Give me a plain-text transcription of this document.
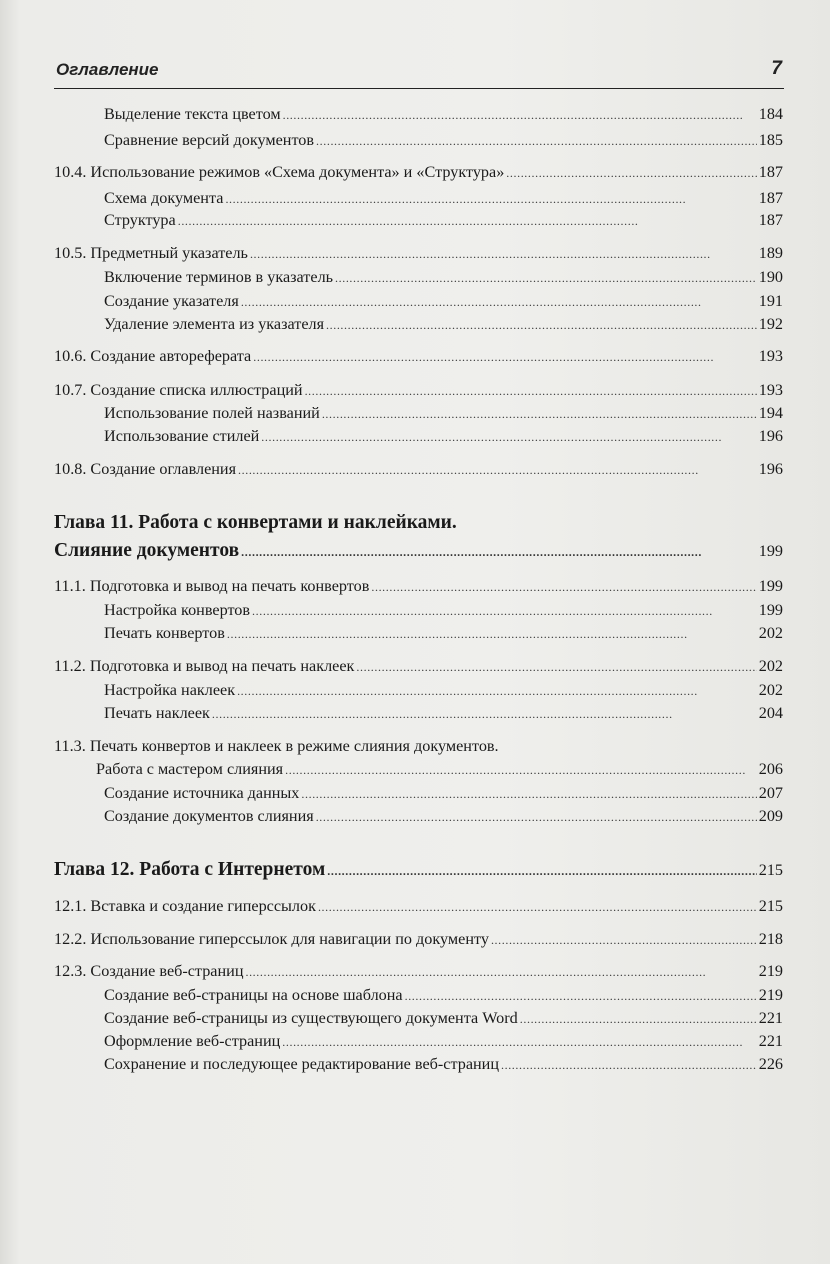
Оглавление	7
Выделение текста цветом . . .	184
Сравнение версий документов . . .	185
10.4. Использование режимов «Схема документа» и «Структура» . . .	187
Схема документа . . .	187
Структура . . .	187
10.5. Предметный указатель . . .	189
Включение терминов в указатель . . .	190
Создание указателя . . .	191
Удаление элемента из указателя . . .	192
10.6. Создание автореферата . . .	193
10.7. Создание списка иллюстраций . . .	193
Использование полей названий . . .	194
Использование стилей . . .	196
10.8. Создание оглавления . . .	196
Глава 11. Работа с конвертами и наклейками.
Слияние документов . . .	199
11.1. Подготовка и вывод на печать конвертов . . .	199
Настройка конвертов . . .	199
Печать конвертов . . .	202
11.2. Подготовка и вывод на печать наклеек . . .	202
Настройка наклеек . . .	202
Печать наклеек . . .	204
11.3. Печать конвертов и наклеек в режиме слияния документов.
Работа с мастером слияния . . .	206
Создание источника данных . . .	207
Создание документов слияния . . .	209
Глава 12. Работа с Интернетом . . .	215
12.1. Вставка и создание гиперссылок . . .	215
12.2. Использование гиперссылок для навигации по документу . . .	218
12.3. Создание веб-страниц . . .	219
Создание веб-страницы на основе шаблона . . .	219
Создание веб-страницы из существующего документа Word . . .	221
Оформление веб-страниц . . .	221
Сохранение и последующее редактирование веб-страниц . . .	226
